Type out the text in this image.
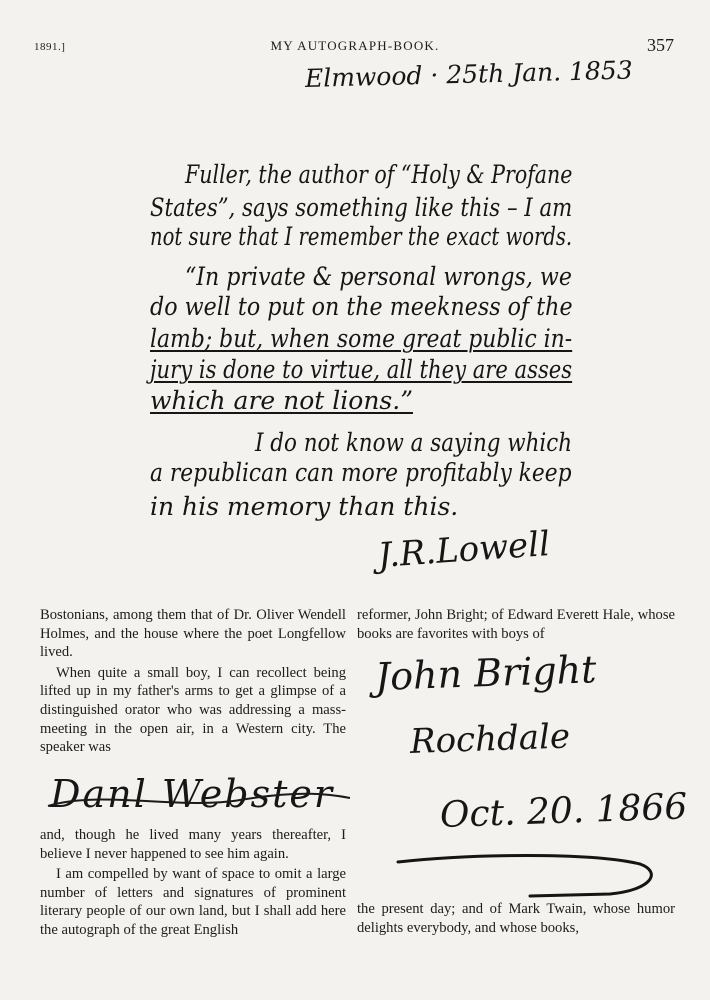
1891.]	MY AUTOGRAPH-BOOK.	357
Elmwood · 25th Jan. 1853
Fuller, the author of “Holy & Profane
States”, says something like this – I am
not sure that I remember the exact words.
“In private & personal wrongs, we
do well to put on the meekness of the
lamb; but, when some great public in-
jury is done to virtue, all they are asses
which are not lions.”
I do not know a saying which
a republican can more profitably keep
in his memory than this.
J.R.Lowell

Bostonians, among them that of Dr. Oliver Wendell Holmes, and the house where the poet Longfellow lived.

When quite a small boy, I can recollect being lifted up in my father's arms to get a glimpse of a distinguished orator who was addressing a mass-meeting in the open air, in a Western city. The speaker was

Danl Webster

and, though he lived many years thereafter, I believe I never happened to see him again.

I am compelled by want of space to omit a large number of letters and signatures of prominent literary people of our own land, but I shall add here the autograph of the great English

reformer, John Bright; of Edward Everett Hale, whose books are favorites with boys of

John Bright
Rochdale
Oct. 20. 1866

the present day; and of Mark Twain, whose humor delights everybody, and whose books,
